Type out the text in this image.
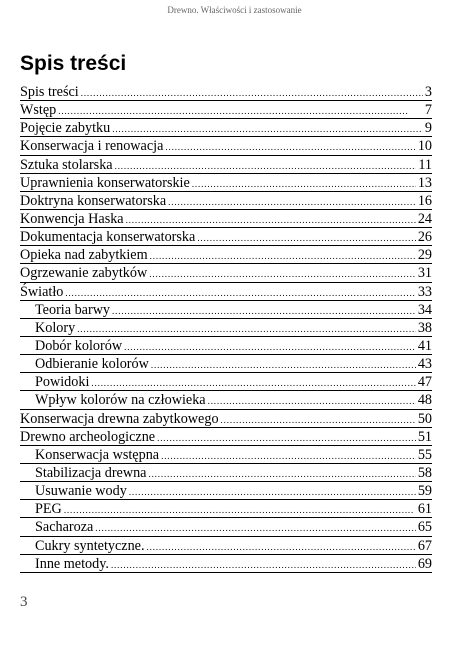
Drewno. Właściwości i zastosowanie
Spis treści
Spis treści . . .	3
Wstęp . . .	7
Pojęcie zabytku . . .	9
Konserwacja i renowacja . . .	10
Sztuka stolarska . . .	11
Uprawnienia konserwatorskie . . .	13
Doktryna konserwatorska . . .	16
Konwencja Haska . . .	24
Dokumentacja konserwatorska . . .	26
Opieka nad zabytkiem . . .	29
Ogrzewanie zabytków . . .	31
Światło . . .	33
Teoria barwy . . .	34
Kolory . . .	38
Dobór kolorów . . .	41
Odbieranie kolorów . . .	43
Powidoki . . .	47
Wpływ kolorów na człowieka . . .	48
Konserwacja drewna zabytkowego . . .	50
Drewno archeologiczne . . .	51
Konserwacja wstępna . . .	55
Stabilizacja drewna . . .	58
Usuwanie wody . . .	59
PEG . . .	61
Sacharoza . . .	65
Cukry syntetyczne. . . .	67
Inne metody. . . .	69
3
